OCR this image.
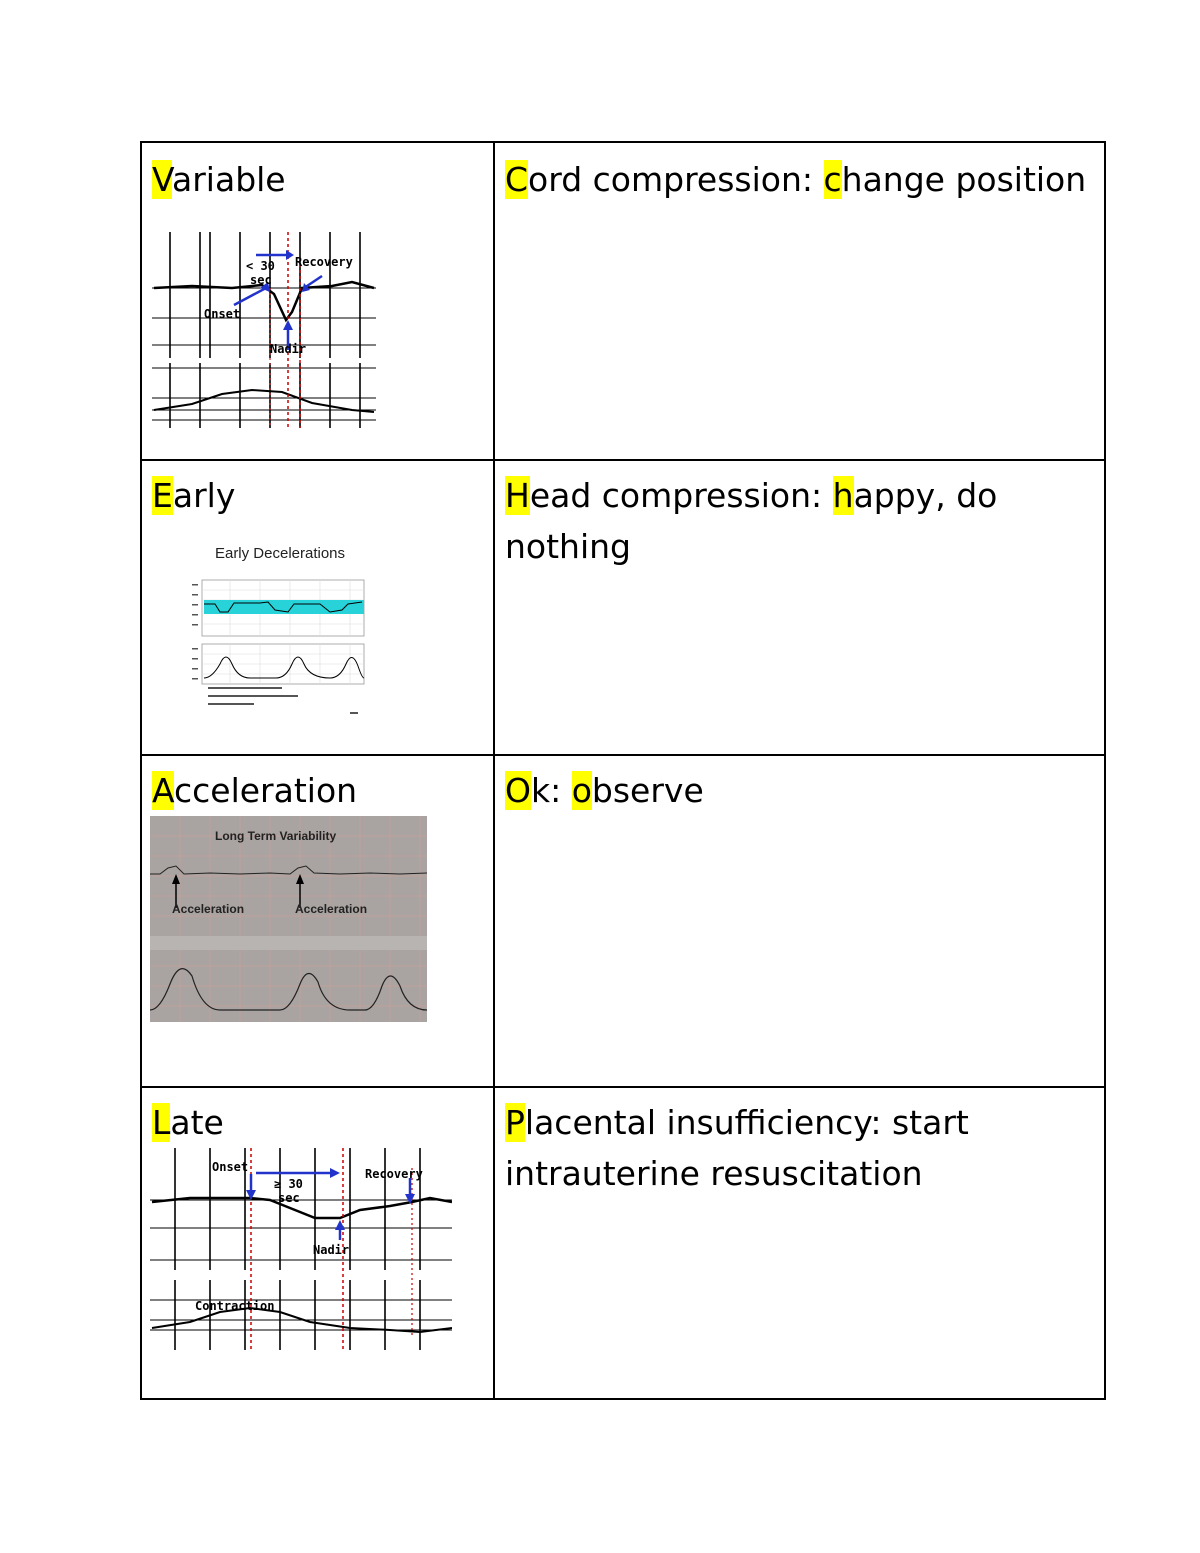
Variable	Cord compression: change position
< 30
sec
Recovery
Onset
Nadir
Early	Head compression: happy, do
nothing
Early Decelerations
Acceleration	Ok: observe
Long Term Variability
Acceleration	Acceleration
Late	Placental insufficiency: start
intrauterine resuscitation
Onset
≥ 30
sec
Recovery
Nadir
Contraction
